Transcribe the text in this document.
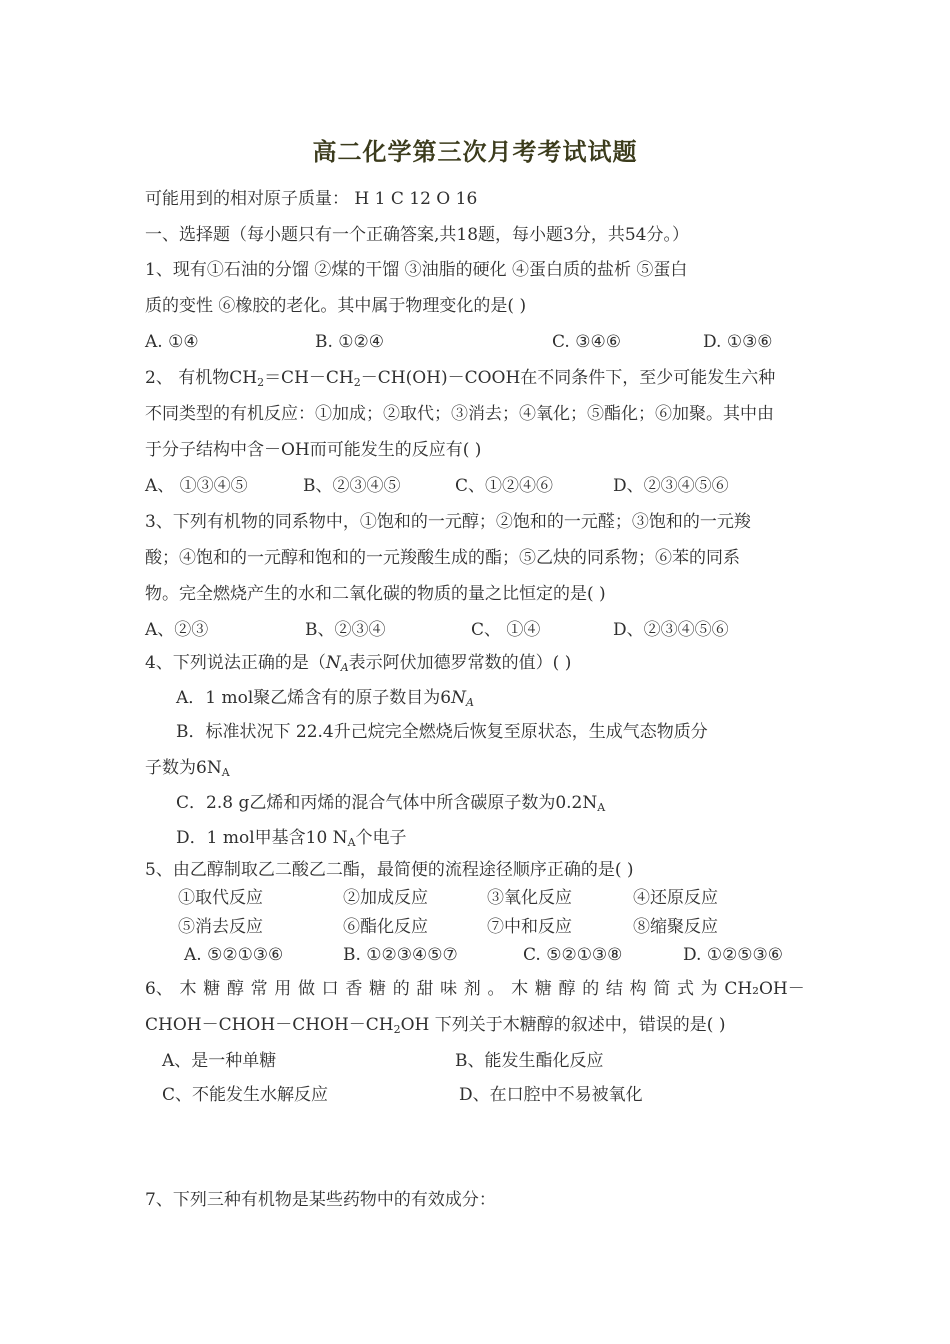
高二化学第三次月考考试试题
可能用到的相对原子质量： H 1 C 12 O 16
一、选择题（每小题只有一个正确答案,共18题，每小题3分，共54分。）
1、现有①石油的分馏 ②煤的干馏 ③油脂的硬化 ④蛋白质的盐析 ⑤蛋白
质的变性 ⑥橡胶的老化。其中属于物理变化的是( )
A. ①④	B. ①②④	C. ③④⑥	D. ①③⑥
2、 有机物$CH_2=CH-CH_2-CH(OH)-COOH$在不同条件下，至少可能发生六种
不同类型的有机反应：①加成；②取代；③消去；④氧化；⑤酯化；⑥加聚。其中由
于分子结构中含－OH而可能发生的反应有( )
A、 ①③④⑤	B、②③④⑤	C、①②④⑥	D、②③④⑤⑥
3、下列有机物的同系物中，①饱和的一元醇；②饱和的一元醛；③饱和的一元羧
酸；④饱和的一元醇和饱和的一元羧酸生成的酯；⑤乙炔的同系物；⑥苯的同系
物。完全燃烧产生的水和二氧化碳的物质的量之比恒定的是( )
A、②③	B、②③④	C、 ①④	D、②③④⑤⑥
4、下列说法正确的是（$N_A$表示阿伏加德罗常数的值）( )
A．1 mol聚乙烯含有的原子数目为$6N_A$
B．标准状况下 22.4升己烷完全燃烧后恢复至原状态，生成气态物质分
子数为$6N_A$
C．2.8 g乙烯和丙烯的混合气体中所含碳原子数为$0.2N_A$
D．1 mol甲基含10 $N_A$个电子
5、由乙醇制取乙二酸乙二酯，最简便的流程途径顺序正确的是( )
①取代反应	②加成反应	③氧化反应	④还原反应
⑤消去反应	⑥酯化反应	⑦中和反应	⑧缩聚反应
A. ⑤②①③⑥	B. ①②③④⑤⑦	C. ⑤②①③⑧	D. ①②⑤③⑥
6、 木 糖 醇 常 用 做 口 香 糖 的 甜 味 剂 。 木 糖 醇 的 结 构 简 式 为 CH₂OH－
$CHOH-CHOH-CHOH-CH_2OH$ 下列关于木糖醇的叙述中，错误的是( )
A、是一种单糖	B、能发生酯化反应
C、不能发生水解反应	D、在口腔中不易被氧化
7、下列三种有机物是某些药物中的有效成分：
